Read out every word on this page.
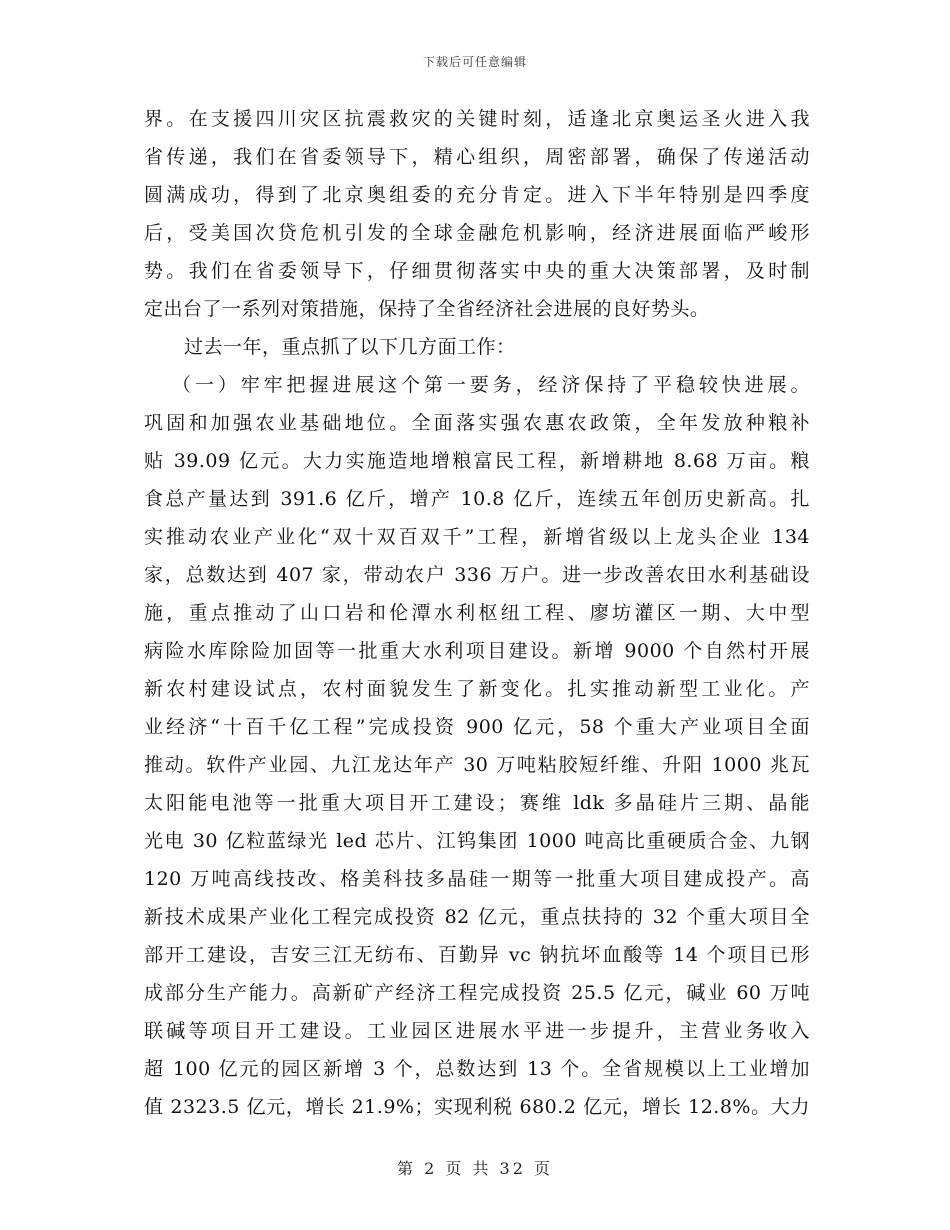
下载后可任意编辑
界。在支援四川灾区抗震救灾的关键时刻，适逢北京奥运圣火进入我
省传递，我们在省委领导下，精心组织，周密部署，确保了传递活动
圆满成功，得到了北京奥组委的充分肯定。进入下半年特别是四季度
后，受美国次贷危机引发的全球金融危机影响，经济进展面临严峻形
势。我们在省委领导下，仔细贯彻落实中央的重大决策部署，及时制
定出台了一系列对策措施，保持了全省经济社会进展的良好势头。
过去一年，重点抓了以下几方面工作：
（一）牢牢把握进展这个第一要务，经济保持了平稳较快进展。
巩固和加强农业基础地位。全面落实强农惠农政策，全年发放种粮补
贴 39.09 亿元。大力实施造地增粮富民工程，新增耕地 8.68 万亩。粮
食总产量达到 391.6 亿斤，增产 10.8 亿斤，连续五年创历史新高。扎
实推动农业产业化“双十双百双千”工程，新增省级以上龙头企业 134
家，总数达到 407 家，带动农户 336 万户。进一步改善农田水利基础设
施，重点推动了山口岩和伦潭水利枢纽工程、廖坊灌区一期、大中型
病险水库除险加固等一批重大水利项目建设。新增 9000 个自然村开展
新农村建设试点，农村面貌发生了新变化。扎实推动新型工业化。产
业经济“十百千亿工程”完成投资 900 亿元，58 个重大产业项目全面
推动。软件产业园、九江龙达年产 30 万吨粘胶短纤维、升阳 1000 兆瓦
太阳能电池等一批重大项目开工建设；赛维 ldk 多晶硅片三期、晶能
光电 30 亿粒蓝绿光 led 芯片、江钨集团 1000 吨高比重硬质合金、九钢
120 万吨高线技改、格美科技多晶硅一期等一批重大项目建成投产。高
新技术成果产业化工程完成投资 82 亿元，重点扶持的 32 个重大项目全
部开工建设，吉安三江无纺布、百勤异 vc 钠抗坏血酸等 14 个项目已形
成部分生产能力。高新矿产经济工程完成投资 25.5 亿元，碱业 60 万吨
联碱等项目开工建设。工业园区进展水平进一步提升，主营业务收入
超 100 亿元的园区新增 3 个，总数达到 13 个。全省规模以上工业增加
值 2323.5 亿元，增长 21.9%；实现利税 680.2 亿元，增长 12.8%。大力
第 2 页 共 32 页
